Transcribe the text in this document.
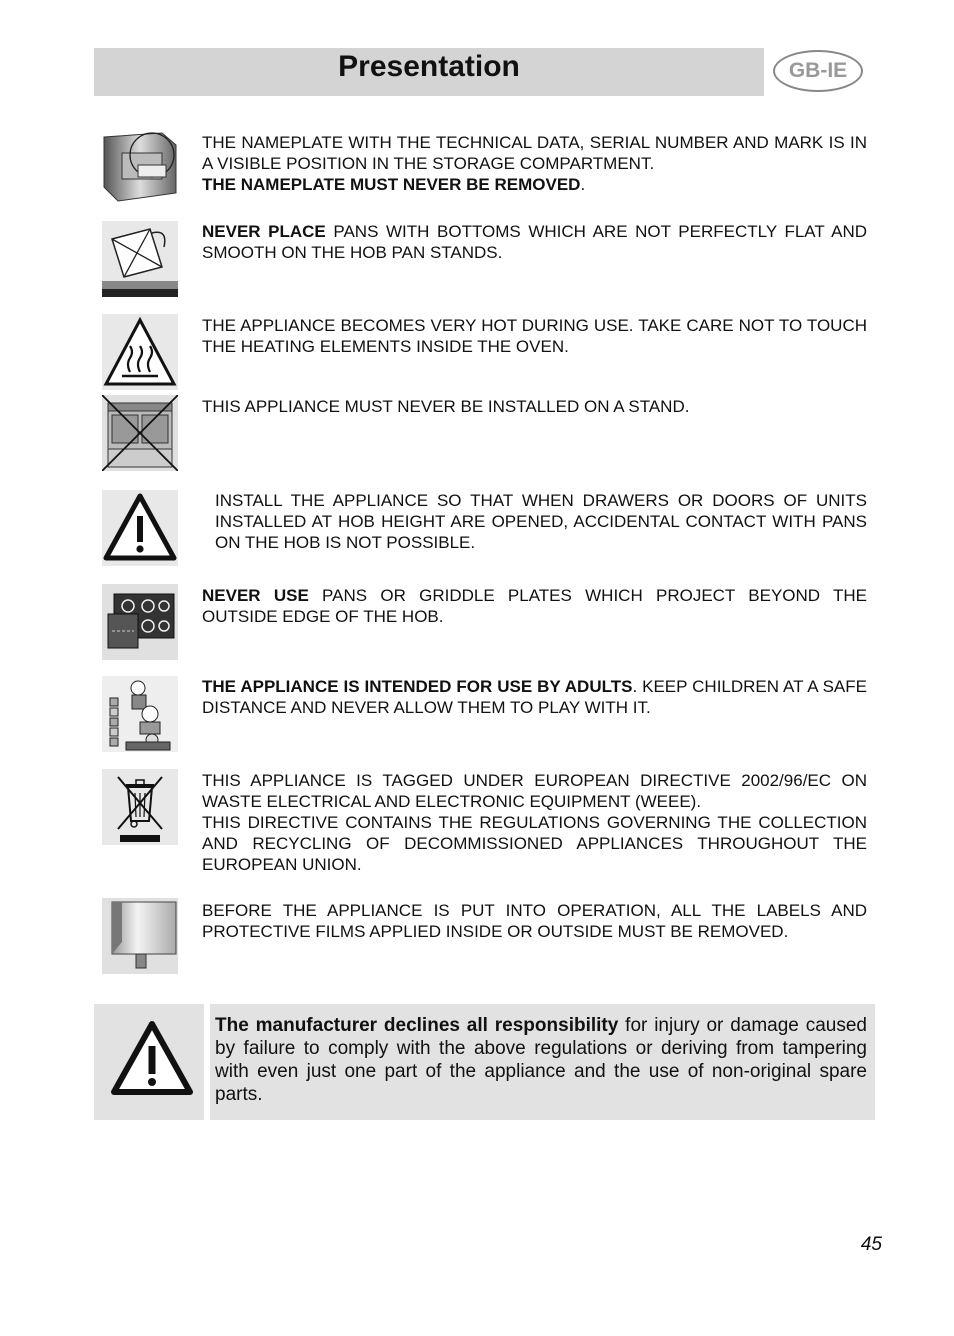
Presentation	GB-IE

THE NAMEPLATE WITH THE TECHNICAL DATA, SERIAL NUMBER AND MARK IS IN A VISIBLE POSITION IN THE STORAGE COMPARTMENT.
THE NAMEPLATE MUST NEVER BE REMOVED.

NEVER PLACE PANS WITH BOTTOMS WHICH ARE NOT PERFECTLY FLAT AND SMOOTH ON THE HOB PAN STANDS.

THE APPLIANCE BECOMES VERY HOT DURING USE. TAKE CARE NOT TO TOUCH THE HEATING ELEMENTS INSIDE THE OVEN.

THIS APPLIANCE MUST NEVER BE INSTALLED ON A STAND.

INSTALL THE APPLIANCE SO THAT WHEN DRAWERS OR DOORS OF UNITS INSTALLED AT HOB HEIGHT ARE OPENED, ACCIDENTAL CONTACT WITH PANS ON THE HOB IS NOT POSSIBLE.

NEVER USE PANS OR GRIDDLE PLATES WHICH PROJECT BEYOND THE OUTSIDE EDGE OF THE HOB.

THE APPLIANCE IS INTENDED FOR USE BY ADULTS. KEEP CHILDREN AT A SAFE DISTANCE AND NEVER ALLOW THEM TO PLAY WITH IT.

THIS APPLIANCE IS TAGGED UNDER EUROPEAN DIRECTIVE 2002/96/EC ON WASTE ELECTRICAL AND ELECTRONIC EQUIPMENT (WEEE).

THIS DIRECTIVE CONTAINS THE REGULATIONS GOVERNING THE COLLECTION AND RECYCLING OF DECOMMISSIONED APPLIANCES THROUGHOUT THE EUROPEAN UNION.

BEFORE THE APPLIANCE IS PUT INTO OPERATION, ALL THE LABELS AND PROTECTIVE FILMS APPLIED INSIDE OR OUTSIDE MUST BE REMOVED.

The manufacturer declines all responsibility for injury or damage caused by failure to comply with the above regulations or deriving from tampering with even just one part of the appliance and the use of non-original spare parts.
45
